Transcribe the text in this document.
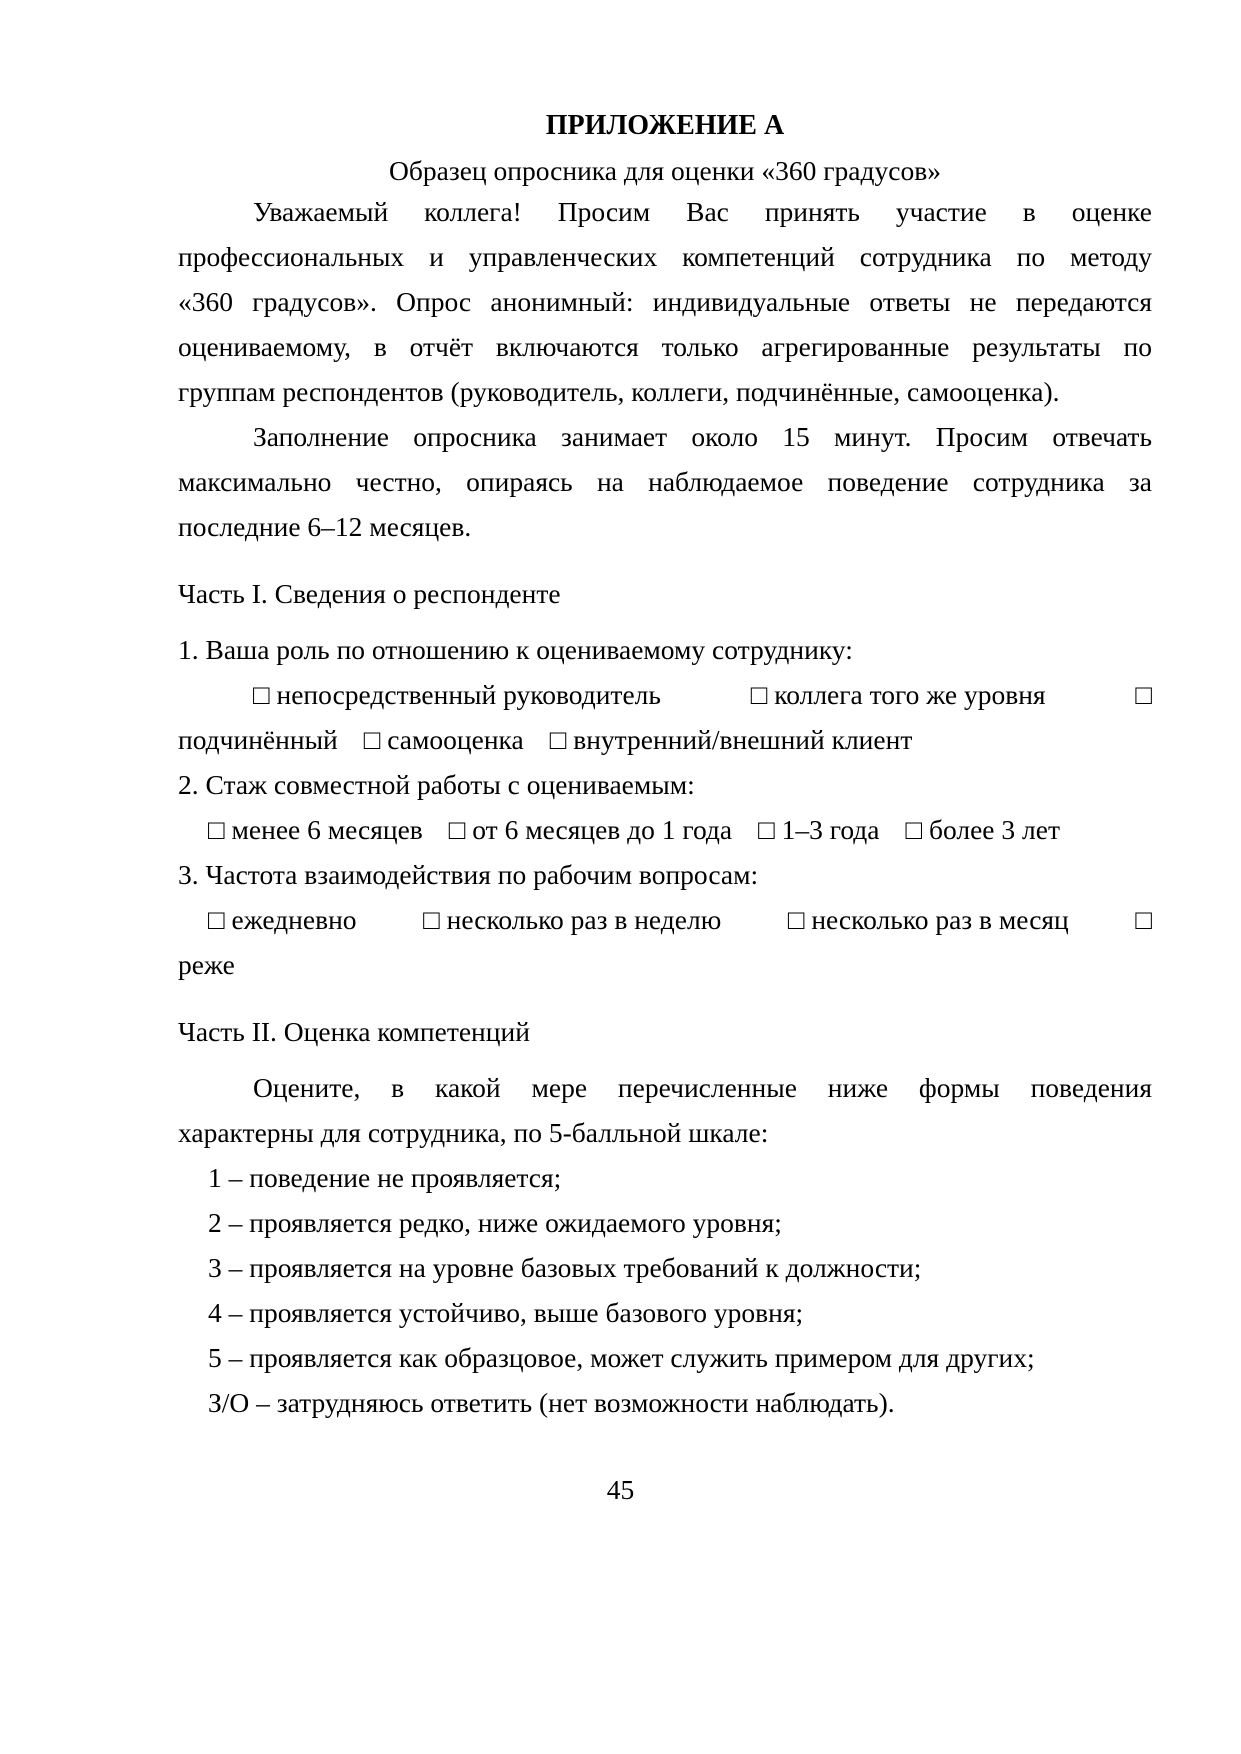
ПРИЛОЖЕНИЕ А
Образец опросника для оценки «360 градусов»
Уважаемый коллега! Просим Вас принять участие в оценке
профессиональных и управленческих компетенций сотрудника по методу
«360 градусов». Опрос анонимный: индивидуальные ответы не передаются
оцениваемому, в отчёт включаются только агрегированные результаты по
группам респондентов (руководитель, коллеги, подчинённые, самооценка).
Заполнение опросника занимает около 15 минут. Просим отвечать
максимально честно, опираясь на наблюдаемое поведение сотрудника за
последние 6–12 месяцев.
Часть I. Сведения о респонденте
1. Ваша роль по отношению к оцениваемому сотруднику:
□ непосредственный руководитель	□ коллега того же уровня	□
подчинённый □ самооценка □ внутренний/внешний клиент
2. Стаж совместной работы с оцениваемым:
□ менее 6 месяцев □ от 6 месяцев до 1 года □ 1–3 года □ более 3 лет
3. Частота взаимодействия по рабочим вопросам:
□ ежедневно □ несколько раз в неделю □ несколько раз в месяц □
реже
Часть II. Оценка компетенций
Оцените, в какой мере перечисленные ниже формы поведения
характерны для сотрудника, по 5-балльной шкале:
1 – поведение не проявляется;
2 – проявляется редко, ниже ожидаемого уровня;
3 – проявляется на уровне базовых требований к должности;
4 – проявляется устойчиво, выше базового уровня;
5 – проявляется как образцовое, может служить примером для других;
З/О – затрудняюсь ответить (нет возможности наблюдать).
45
